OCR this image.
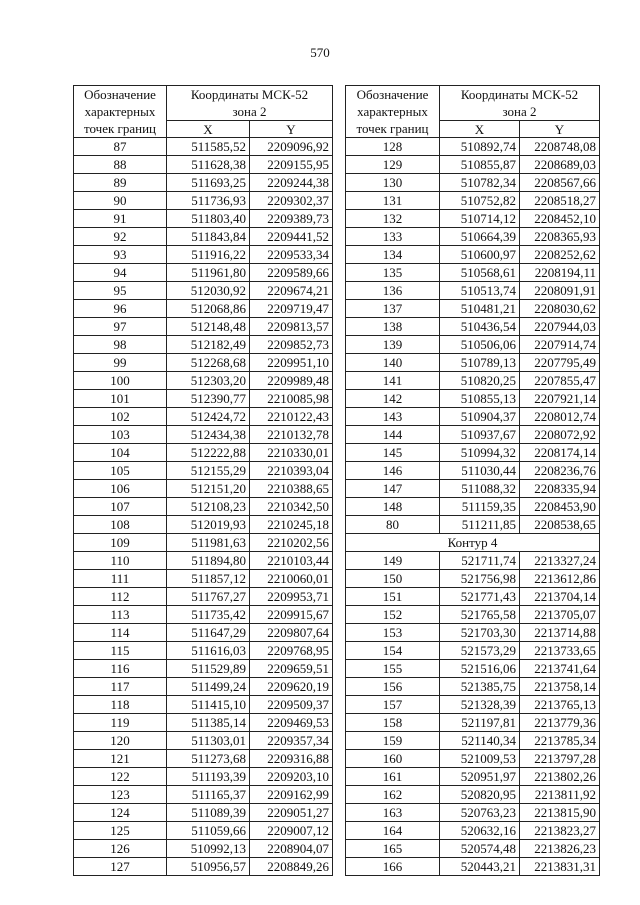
570
Обозначение характерных точек границ	Координаты МСК-52	
	зона 2	
	X	Y
87	511585,52	2209096,92
88	511628,38	2209155,95
89	511693,25	2209244,38
90	511736,93	2209302,37
91	511803,40	2209389,73
92	511843,84	2209441,52
93	511916,22	2209533,34
94	511961,80	2209589,66
95	512030,92	2209674,21
96	512068,86	2209719,47
97	512148,48	2209813,57
98	512182,49	2209852,73
99	512268,68	2209951,10
100	512303,20	2209989,48
101	512390,77	2210085,98
102	512424,72	2210122,43
103	512434,38	2210132,78
104	512222,88	2210330,01
105	512155,29	2210393,04
106	512151,20	2210388,65
107	512108,23	2210342,50
108	512019,93	2210245,18
109	511981,63	2210202,56
110	511894,80	2210103,44
111	511857,12	2210060,01
112	511767,27	2209953,71
113	511735,42	2209915,67
114	511647,29	2209807,64
115	511616,03	2209768,95
116	511529,89	2209659,51
117	511499,24	2209620,19
118	511415,10	2209509,37
119	511385,14	2209469,53
120	511303,01	2209357,34
121	511273,68	2209316,88
122	511193,39	2209203,10
123	511165,37	2209162,99
124	511089,39	2209051,27
125	511059,66	2209007,12
126	510992,13	2208904,07
127	510956,57	2208849,26
Обозначение характерных точек границ	Координаты МСК-52	
	зона 2	
	X	Y
128	510892,74	2208748,08
129	510855,87	2208689,03
130	510782,34	2208567,66
131	510752,82	2208518,27
132	510714,12	2208452,10
133	510664,39	2208365,93
134	510600,97	2208252,62
135	510568,61	2208194,11
136	510513,74	2208091,91
137	510481,21	2208030,62
138	510436,54	2207944,03
139	510506,06	2207914,74
140	510789,13	2207795,49
141	510820,25	2207855,47
142	510855,13	2207921,14
143	510904,37	2208012,74
144	510937,67	2208072,92
145	510994,32	2208174,14
146	511030,44	2208236,76
147	511088,32	2208335,94
148	511159,35	2208453,90
80	511211,85	2208538,65
Контур 4		
149	521711,74	2213327,24
150	521756,98	2213612,86
151	521771,43	2213704,14
152	521765,58	2213705,07
153	521703,30	2213714,88
154	521573,29	2213733,65
155	521516,06	2213741,64
156	521385,75	2213758,14
157	521328,39	2213765,13
158	521197,81	2213779,36
159	521140,34	2213785,34
160	521009,53	2213797,28
161	520951,97	2213802,26
162	520820,95	2213811,92
163	520763,23	2213815,90
164	520632,16	2213823,27
165	520574,48	2213826,23
166	520443,21	2213831,31
